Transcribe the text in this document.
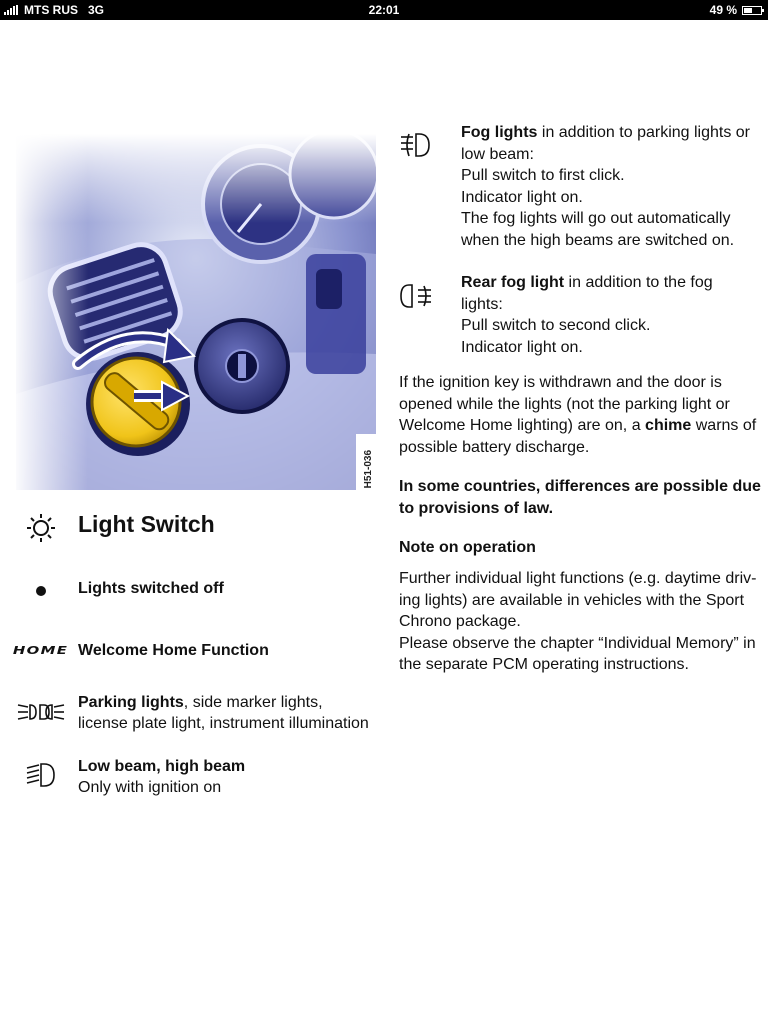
MTS RUS 3G	22:01	49 %
H51-036
Light Switch
Lights switched off
HOME Welcome Home Function
Parking lights, side marker lights,
license plate light, instrument illumination
Low beam, high beam
Only with ignition on
Fog lights in addition to parking lights or
low beam:
Pull switch to first click.
Indicator light on.
The fog lights will go out automatically
when the high beams are switched on.
Rear fog light in addition to the fog
lights:
Pull switch to second click.
Indicator light on.

If the ignition key is withdrawn and the door is opened while the lights (not the parking light or Welcome Home lighting) are on, a chime warns of possible battery discharge.

In some countries, differences are possible due to provisions of law.
Note on operation

Further individual light functions (e.g. daytime driv-ing lights) are available in vehicles with the Sport Chrono package.

Please observe the chapter “Individual Memory” in the separate PCM operating instructions.
